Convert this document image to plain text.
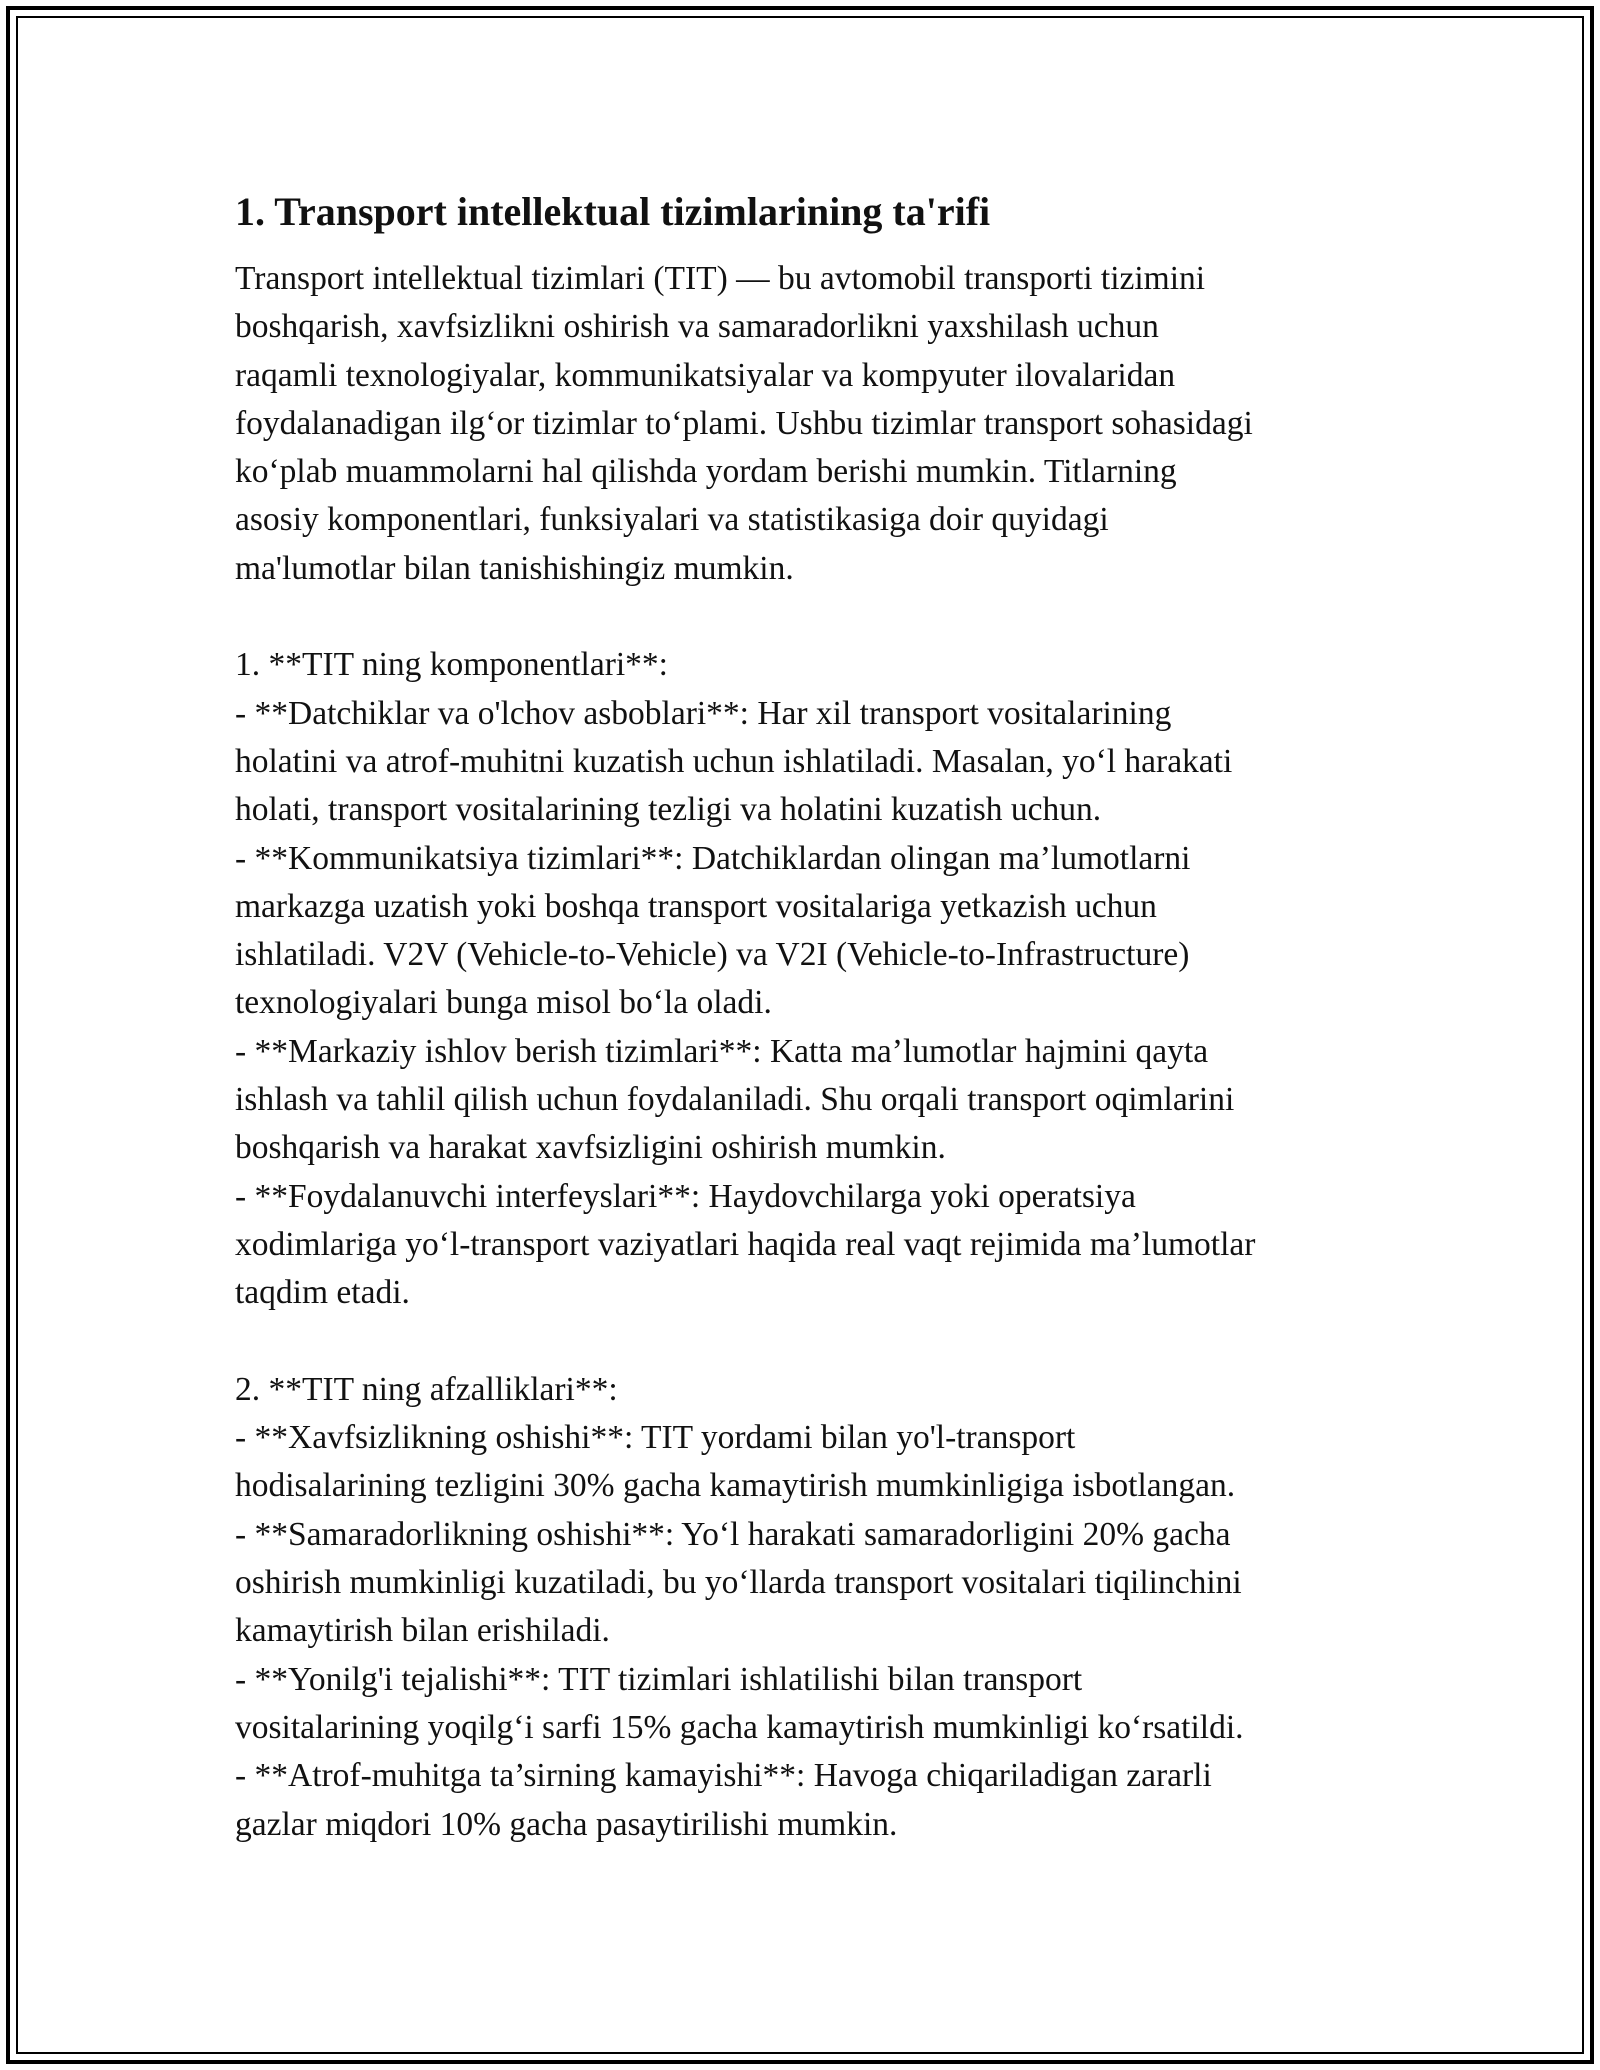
1. Transport intellektual tizimlarining ta'rifi

Transport intellektual tizimlari (TIT) — bu avtomobil transporti tizimini
boshqarish, xavfsizlikni oshirish va samaradorlikni yaxshilash uchun
raqamli texnologiyalar, kommunikatsiyalar va kompyuter ilovalaridan
foydalanadigan ilg‘or tizimlar to‘plami. Ushbu tizimlar transport sohasidagi
ko‘plab muammolarni hal qilishda yordam berishi mumkin. Titlarning
asosiy komponentlari, funksiyalari va statistikasiga doir quyidagi
ma'lumotlar bilan tanishishingiz mumkin.

1. **TIT ning komponentlari**:
- **Datchiklar va o'lchov asboblari**: Har xil transport vositalarining
holatini va atrof-muhitni kuzatish uchun ishlatiladi. Masalan, yo‘l harakati
holati, transport vositalarining tezligi va holatini kuzatish uchun.
- **Kommunikatsiya tizimlari**: Datchiklardan olingan ma’lumotlarni
markazga uzatish yoki boshqa transport vositalariga yetkazish uchun
ishlatiladi. V2V (Vehicle-to-Vehicle) va V2I (Vehicle-to-Infrastructure)
texnologiyalari bunga misol bo‘la oladi.
- **Markaziy ishlov berish tizimlari**: Katta ma’lumotlar hajmini qayta
ishlash va tahlil qilish uchun foydalaniladi. Shu orqali transport oqimlarini
boshqarish va harakat xavfsizligini oshirish mumkin.
- **Foydalanuvchi interfeyslari**: Haydovchilarga yoki operatsiya
xodimlariga yo‘l-transport vaziyatlari haqida real vaqt rejimida ma’lumotlar
taqdim etadi.

2. **TIT ning afzalliklari**:
- **Xavfsizlikning oshishi**: TIT yordami bilan yo'l-transport
hodisalarining tezligini 30% gacha kamaytirish mumkinligiga isbotlangan.
- **Samaradorlikning oshishi**: Yo‘l harakati samaradorligini 20% gacha
oshirish mumkinligi kuzatiladi, bu yo‘llarda transport vositalari tiqilinchini
kamaytirish bilan erishiladi.
- **Yonilg'i tejalishi**: TIT tizimlari ishlatilishi bilan transport
vositalarining yoqilg‘i sarfi 15% gacha kamaytirish mumkinligi ko‘rsatildi.
- **Atrof-muhitga ta’sirning kamayishi**: Havoga chiqariladigan zararli
gazlar miqdori 10% gacha pasaytirilishi mumkin.
